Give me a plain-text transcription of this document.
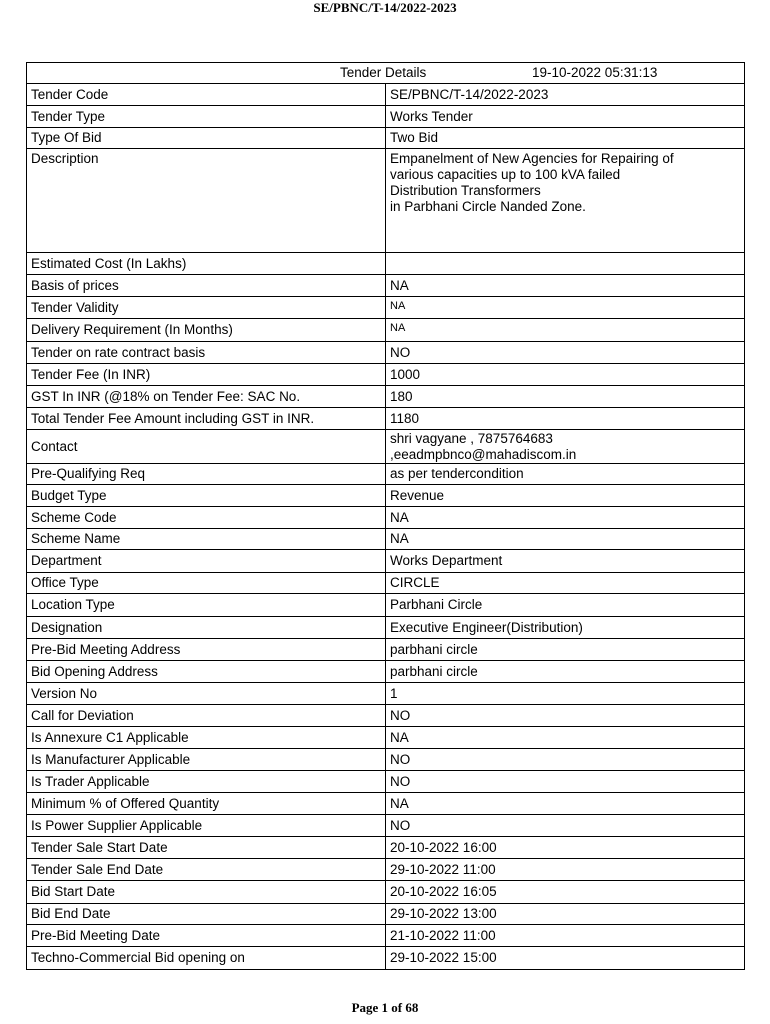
SE/PBNC/T-14/2022-2023
Tender Details 19-10-2022 05:31:13	

Tender Code	SE/PBNC/T-14/2022-2023
Tender Type	Works Tender
Type Of Bid	Two Bid
Description	Empanelment of New Agencies for Repairing of
various capacities up to 100 kVA failed
Distribution Transformers
in Parbhani Circle Nanded Zone.

Estimated Cost (In Lakhs)	
Basis of prices	NA
Tender Validity	NA
Delivery Requirement (In Months)	NA
Tender on rate contract basis	NO
Tender Fee (In INR)	1000
GST In INR (@18% on Tender Fee: SAC No.	180
Total Tender Fee Amount including GST in INR.	1180
Contact	shri vagyane , 7875764683
,eeadmpbnco@mahadiscom.in

Pre-Qualifying Req	as per tendercondition
Budget Type	Revenue
Scheme Code	NA
Scheme Name	NA
Department	Works Department
Office Type	CIRCLE
Location Type	Parbhani Circle
Designation	Executive Engineer(Distribution)
Pre-Bid Meeting Address	parbhani circle
Bid Opening Address	parbhani circle
Version No	1
Call for Deviation	NO
Is Annexure C1 Applicable	NA
Is Manufacturer Applicable	NO
Is Trader Applicable	NO
Minimum % of Offered Quantity	NA
Is Power Supplier Applicable	NO
Tender Sale Start Date	20-10-2022 16:00
Tender Sale End Date	29-10-2022 11:00
Bid Start Date	20-10-2022 16:05
Bid End Date	29-10-2022 13:00
Pre-Bid Meeting Date	21-10-2022 11:00
Techno-Commercial Bid opening on	29-10-2022 15:00
Page 1 of 68
